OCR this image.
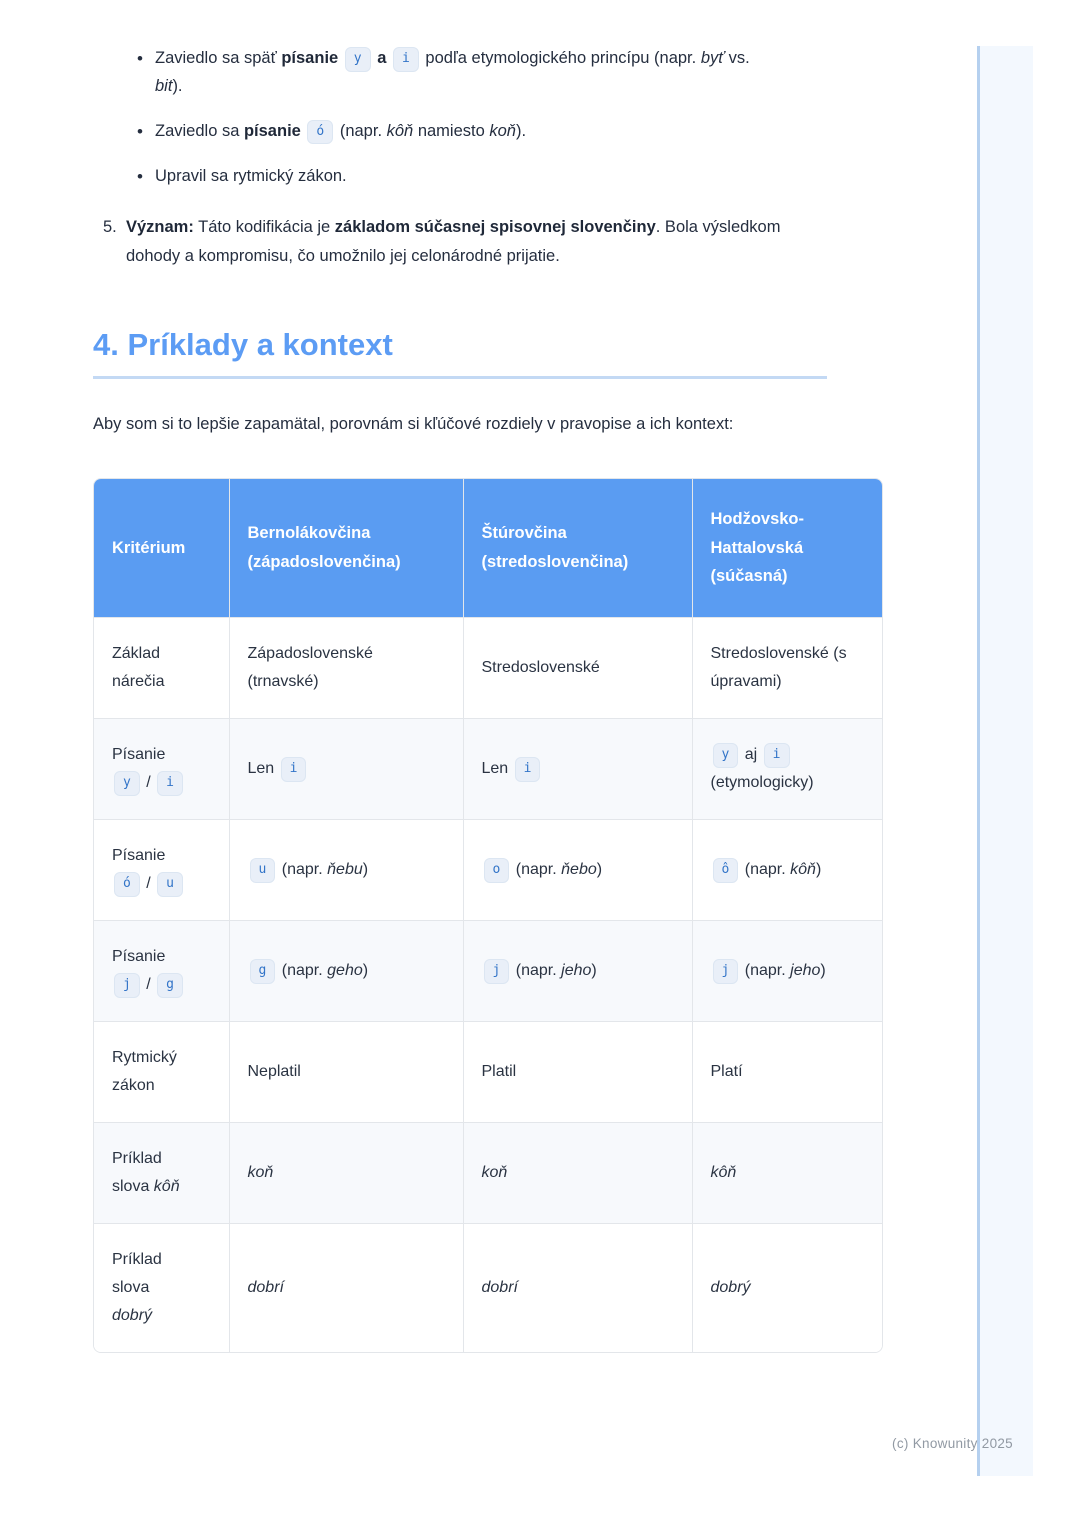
• Zaviedlo sa späť písanie y a i podľa etymologického princípu (napr. byť vs. bit).
• Zaviedlo sa písanie ó (napr. kôň namiesto koň).
• Upravil sa rytmický zákon.
5. Význam: Táto kodifikácia je základom súčasnej spisovnej slovenčiny. Bola výsledkom dohody a kompromisu, čo umožnilo jej celonárodné prijatie.
4. Príklady a kontext

Aby som si to lepšie zapamätal, porovnám si kľúčové rozdiely v pravopise a ich kontext:

Kritérium	Bernolákovčina (západoslovenčina)	Štúrovčina (stredoslovenčina)	Hodžovsko-Hattalovská (súčasná)
Základ
nárečia	Západoslovenské (trnavské)	Stredoslovenské	Stredoslovenské (s úpravami)
Písanie
y / i	Len i	Len i	y aj i
(etymologicky)
Písanie
ó / u	u (napr. ňebu)	o (napr. ňebo)	ô (napr. kôň)
Písanie
j / g	g (napr. geho)	j (napr. jeho)	j (napr. jeho)
Rytmický
zákon	Neplatil	Platil	Platí
Príklad
slova kôň	koň	koň	kôň
Príklad
slova
dobrý	dobrí	dobrí	dobrý
(c) Knowunity 2025
